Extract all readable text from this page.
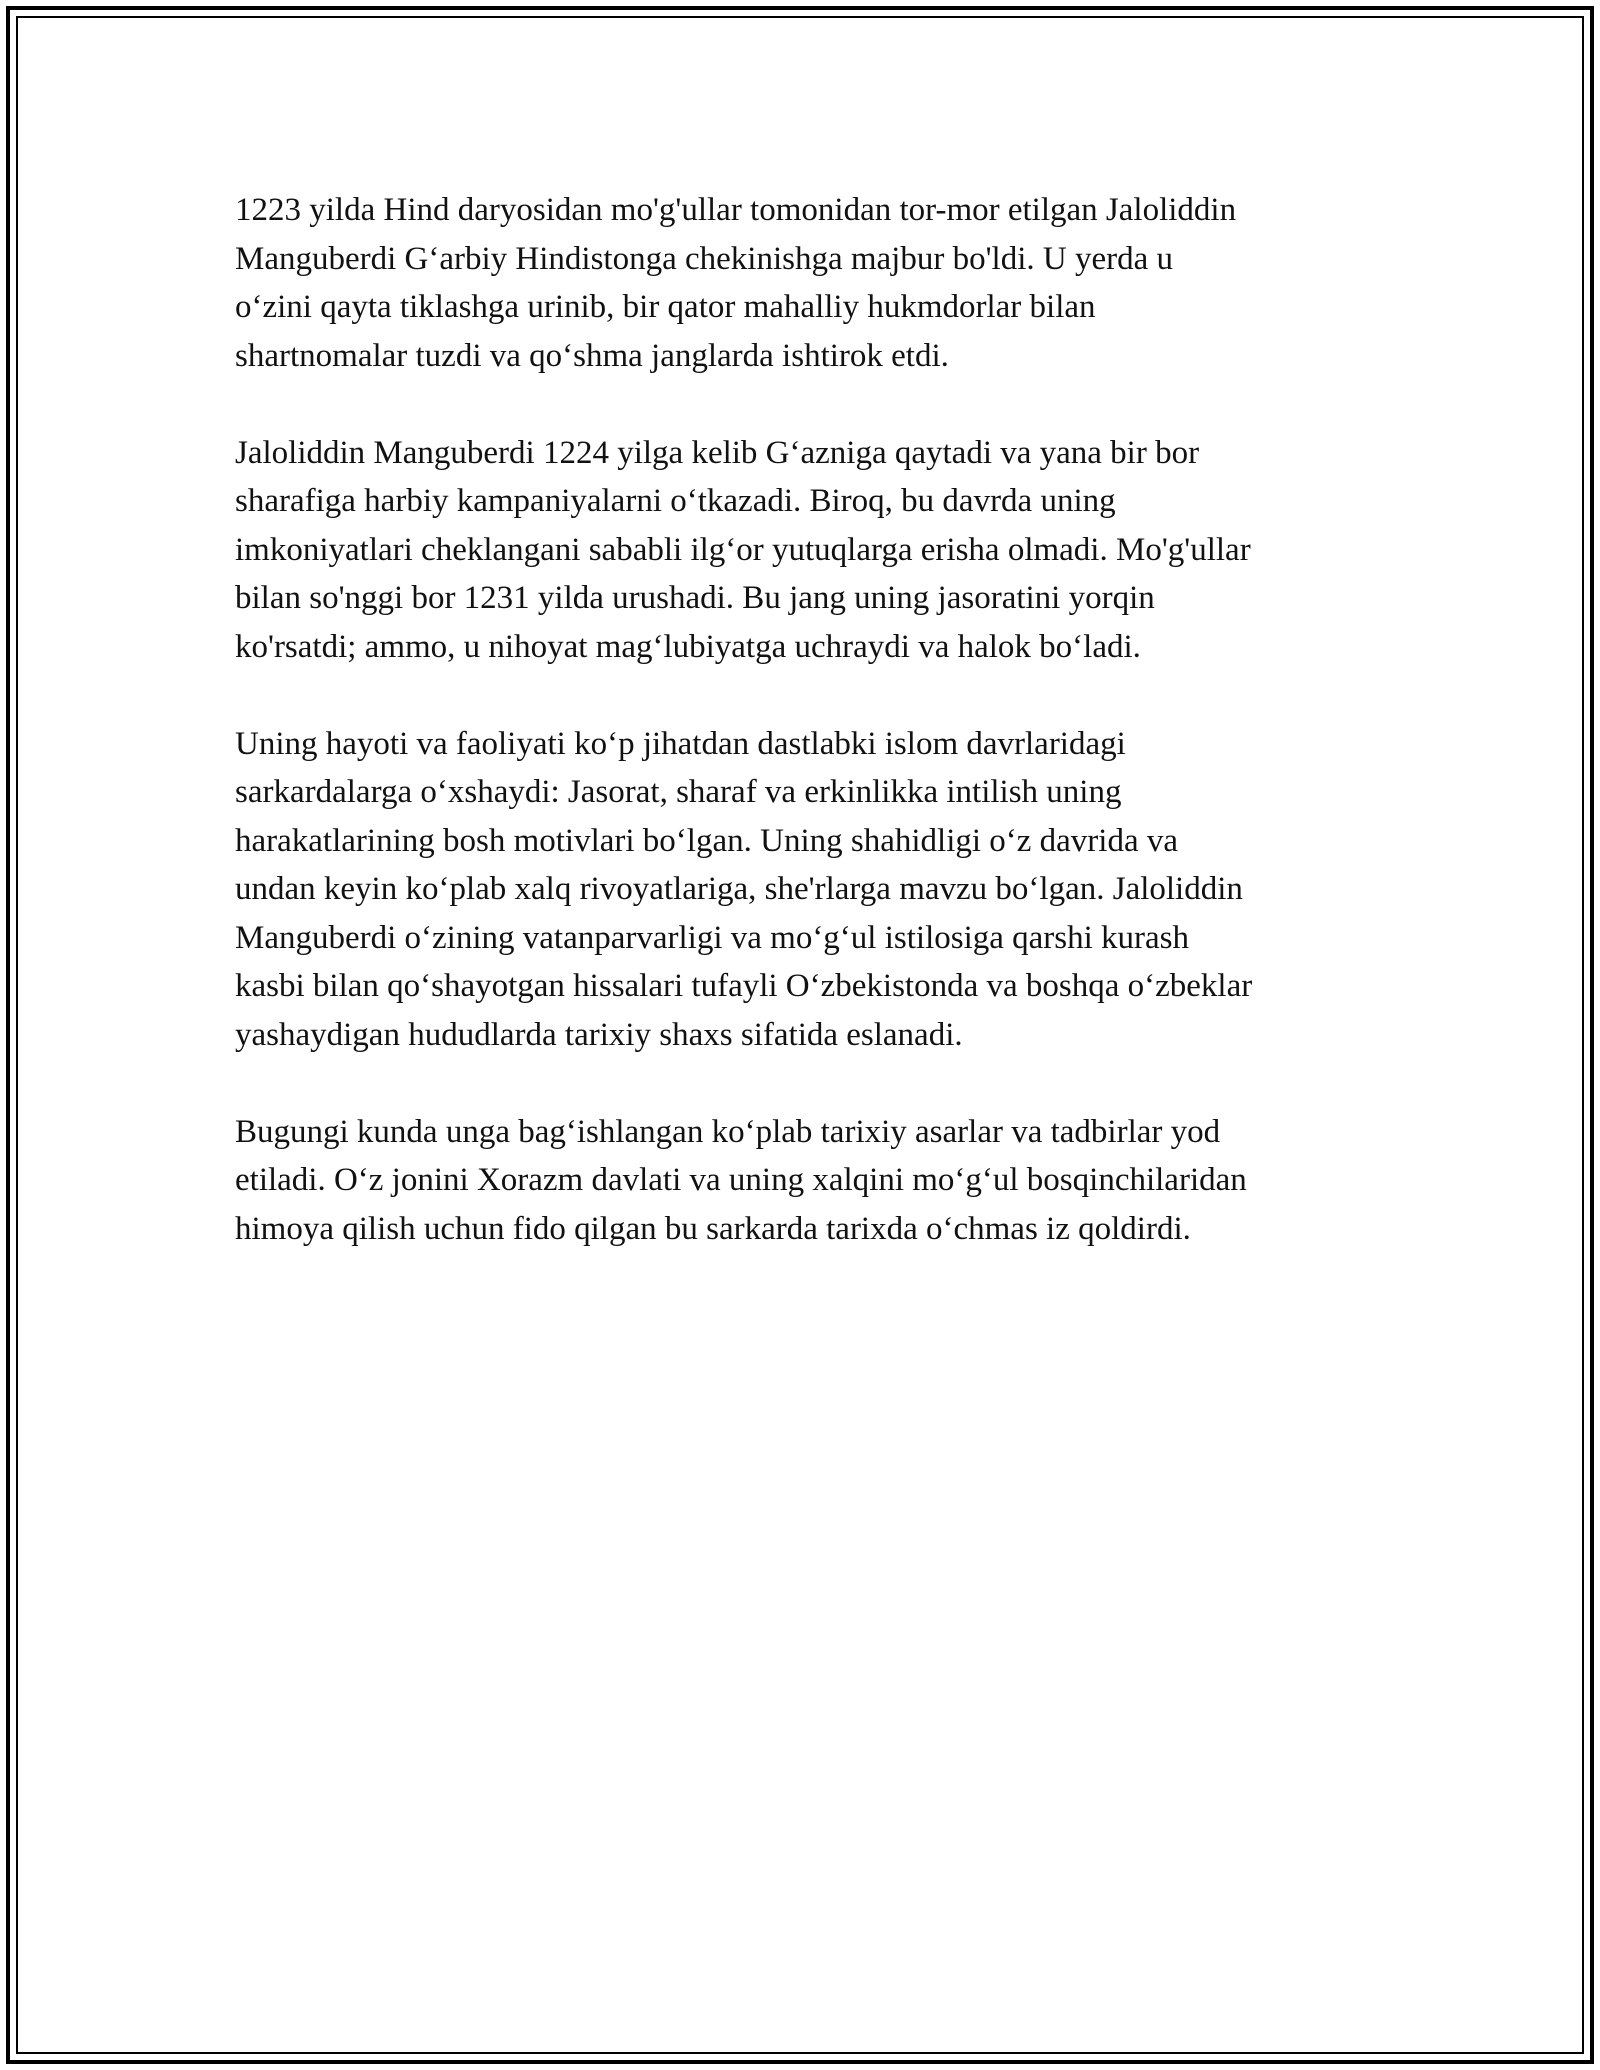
1223 yilda Hind daryosidan mo'g'ullar tomonidan tor-mor etilgan Jaloliddin
Manguberdi G‘arbiy Hindistonga chekinishga majbur bo'ldi. U yerda u
o‘zini qayta tiklashga urinib, bir qator mahalliy hukmdorlar bilan
shartnomalar tuzdi va qo‘shma janglarda ishtirok etdi.

Jaloliddin Manguberdi 1224 yilga kelib G‘azniga qaytadi va yana bir bor
sharafiga harbiy kampaniyalarni o‘tkazadi. Biroq, bu davrda uning
imkoniyatlari cheklangani sababli ilg‘or yutuqlarga erisha olmadi. Mo'g'ullar
bilan so'nggi bor 1231 yilda urushadi. Bu jang uning jasoratini yorqin
ko'rsatdi; ammo, u nihoyat mag‘lubiyatga uchraydi va halok bo‘ladi.

Uning hayoti va faoliyati ko‘p jihatdan dastlabki islom davrlaridagi
sarkardalarga o‘xshaydi: Jasorat, sharaf va erkinlikka intilish uning
harakatlarining bosh motivlari bo‘lgan. Uning shahidligi o‘z davrida va
undan keyin ko‘plab xalq rivoyatlariga, she'rlarga mavzu bo‘lgan. Jaloliddin
Manguberdi o‘zining vatanparvarligi va mo‘g‘ul istilosiga qarshi kurash
kasbi bilan qo‘shayotgan hissalari tufayli O‘zbekistonda va boshqa o‘zbeklar
yashaydigan hududlarda tarixiy shaxs sifatida eslanadi.

Bugungi kunda unga bag‘ishlangan ko‘plab tarixiy asarlar va tadbirlar yod
etiladi. O‘z jonini Xorazm davlati va uning xalqini mo‘g‘ul bosqinchilaridan
himoya qilish uchun fido qilgan bu sarkarda tarixda o‘chmas iz qoldirdi.
